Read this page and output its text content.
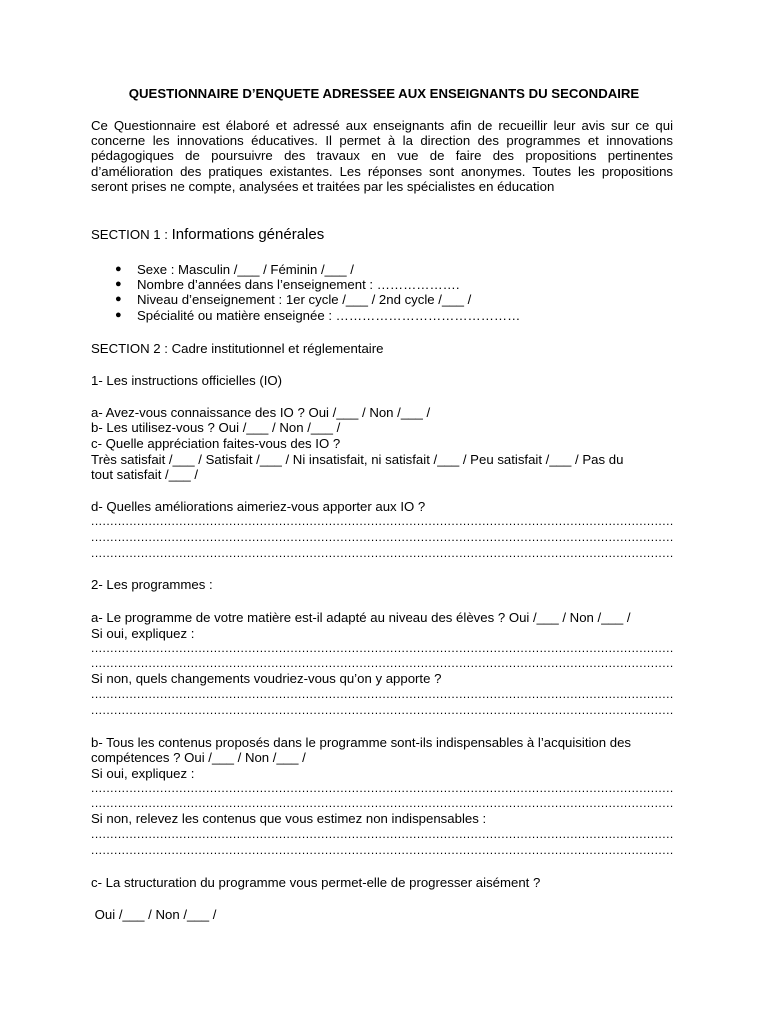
QUESTIONNAIRE D’ENQUETE ADRESSEE AUX ENSEIGNANTS DU SECONDAIRE
Ce Questionnaire est élaboré et adressé aux enseignants afin de recueillir leur avis sur ce qui concerne les innovations éducatives. Il permet à la direction des programmes et innovations pédagogiques de poursuivre des travaux en vue de faire des propositions pertinentes d’amélioration des pratiques existantes. Les réponses sont anonymes. Toutes les propositions seront prises ne compte, analysées et traitées par les spécialistes en éducation
SECTION 1 : Informations générales
● Sexe : Masculin /___ / Féminin /___ /
● Nombre d’années dans l’enseignement : ……………….
● Niveau d’enseignement : 1er cycle /___ / 2nd cycle /___ /
● Spécialité ou matière enseignée : ……………………………………
SECTION 2 : Cadre institutionnel et réglementaire
1- Les instructions officielles (IO)
a- Avez-vous connaissance des IO ? Oui /___ / Non /___ /
b- Les utilisez-vous ? Oui /___ / Non /___ /
c- Quelle appréciation faites-vous des IO ?
Très satisfait /___ / Satisfait /___ / Ni insatisfait, ni satisfait /___ / Peu satisfait /___ / Pas du
tout satisfait /___ /
d- Quelles améliorations aimeriez-vous apporter aux IO ?
.....
.....
.....
2- Les programmes :
a- Le programme de votre matière est-il adapté au niveau des élèves ? Oui /___ / Non /___ /
Si oui, expliquez :
.....
.....
Si non, quels changements voudriez-vous qu’on y apporte ?
.....
.....
b- Tous les contenus proposés dans le programme sont-ils indispensables à l’acquisition des
compétences ? Oui /___ / Non /___ /
Si oui, expliquez :
.....
.....
Si non, relevez les contenus que vous estimez non indispensables :
.....
.....
c- La structuration du programme vous permet-elle de progresser aisément ?
Oui /___ / Non /___ /
